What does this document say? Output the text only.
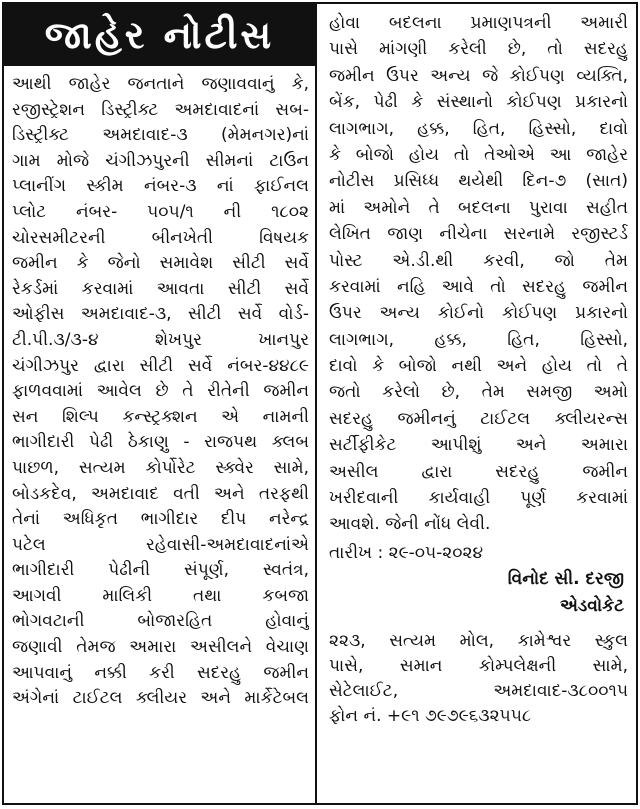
જાહેર નોટીસ
આથી જાહેર જનતાને જણાવવાનું કે,
રજીસ્ટ્રેશન ડિસ્ટ્રીક્ટ અમદાવાદનાં સબ-
ડિસ્ટ્રીક્ટ અમદાવાદ-૩ (મેમનગર)નાં
ગામ મોજે ચંગીઝપુરની સીમનાં ટાઉન
પ્લાનીંગ સ્કીમ નંબર-૩ નાં ફાઈનલ
પ્લોટ નંબર- ૫૦૫/૧ ની ૧૮૦૨
ચોરસમીટરની બીનખેતી વિષયક
જમીન કે જેનો સમાવેશ સીટી સર્વે
રેકર્ડમાં કરવામાં આવતા સીટી સર્વે
ઓફીસ અમદાવાદ-૩, સીટી સર્વે વોર્ડ-
ટી.પી.૩/૩-૪ શેખપુર ખાનપુર
ચંગીઝપુર દ્વારા સીટી સર્વે નંબર-૪૪૮૯
ફાળવવામાં આવેલ છે તે રીતેની જમીન
સન શિલ્પ કન્સ્ટ્રક્શન એ નામની
ભાગીદારી પેઢી ઠેકાણુ - રાજપથ ક્લબ
પાછળ, સત્યમ કોર્પોરેટ સ્ક્વેર સામે,
બોડકદેવ, અમદાવાદ વતી અને તરફથી
તેનાં અધિકૃત ભાગીદાર દીપ નરેન્દ્ર
પટેલ રહેવાસી-અમદાવાદનાંએ
ભાગીદારી પેઢીની સંપૂર્ણ, સ્વતંત્ર,
આગવી માલિકી તથા કબજા
ભોગવટાની બોજારહિત હોવાનું
જણાવી તેમજ અમારા અસીલને વેચાણ
આપવાનું નક્કી કરી સદરહુ જમીન
અંગેનાં ટાઈટલ ક્લીયર અને માર્કેટેબલ
હોવા બદલના પ્રમાણપત્રની અમારી
પાસે માંગણી કરેલી છે, તો સદરહુ
જમીન ઉપર અન્ય જે કોઈપણ વ્યક્તિ,
બેંક, પેઢી કે સંસ્થાનો કોઈપણ પ્રકારનો
લાગભાગ, હક્ક, હિત, હિસ્સો, દાવો
કે બોજો હોય તો તેઓએ આ જાહેર
નોટીસ પ્રસિધ્ધ થયેથી દિન-૭ (સાત)
માં અમોને તે બદલના પુરાવા સહીત
લેખિત જાણ નીચેના સરનામે રજીસ્ટર્ડ
પોસ્ટ એ.ડી.થી કરવી, જો તેમ
કરવામાં નહિ આવે તો સદરહુ જમીન
ઉપર અન્ય કોઈનો કોઈપણ પ્રકારનો
લાગભાગ, હક્ક, હિત, હિસ્સો,
દાવો કે બોજો નથી અને હોય તો તે
જતો કરેલો છે, તેમ સમજી અમો
સદરહુ જમીનનું ટાઈટલ ક્લીયરન્સ
સર્ટીફીકેટ આપીશું અને અમારા
અસીલ દ્વારા સદરહુ જમીન
ખરીદવાની કાર્યવાહી પૂર્ણ કરવામાં
આવશે. જેની નોંધ લેવી.
તારીખ : ૨૯-૦૫-૨૦૨૪
વિનોદ સી. દરજી
એડવોકેટ
૨૨૩, સત્યમ મોલ, કામેશ્વર સ્કુલ
પાસે, સમાન કોમ્પલેક્ષની સામે,
સેટેલાઈટ, અમદાવાદ-૩૮૦૦૧૫
ફોન નં. +૯૧ ૭૯૭૯૬૩૨૫૫૮
